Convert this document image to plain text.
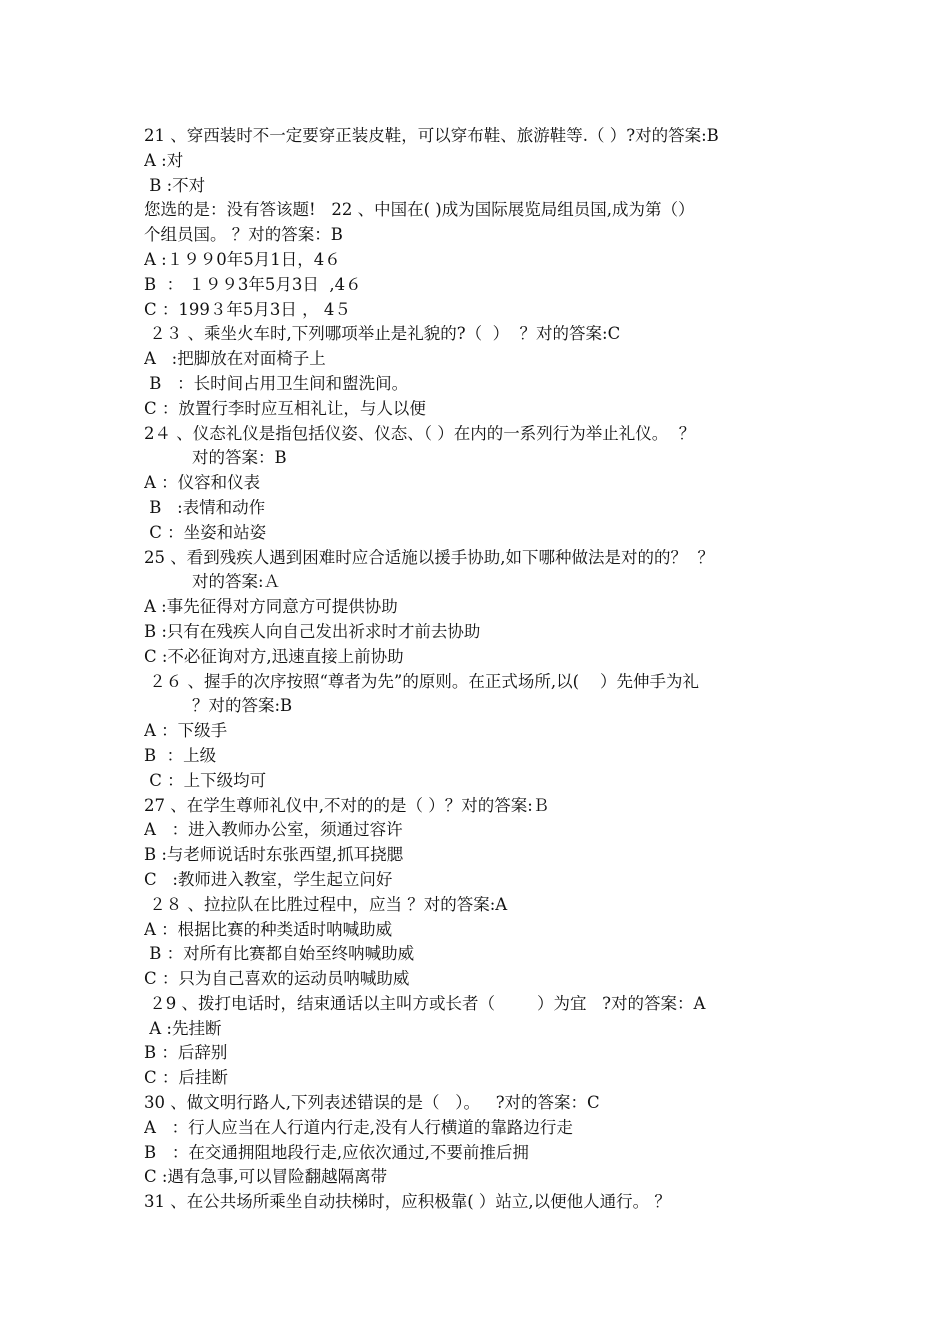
21 、穿西装时不一定要穿正装皮鞋，可以穿布鞋、旅游鞋等.（ ）?对的答案:B

A :对

B :不对

您选的是：没有答该题!   22 、中国在( )成为国际展览局组员国,成为第（）

个组员国。 ？对的答案：B

A :１９９0年5月1日，4６

B  ： １９９3年5月3日  ,4６

C ：199３年5月3日 ， 4５

２３ 、乘坐火车时,下列哪项举止是礼貌的?（  ）  ？对的答案:C

A   :把脚放在对面椅子上

B   ：长时间占用卫生间和盥洗间。

C ：放置行李时应互相礼让，与人以便

2４ 、仪态礼仪是指包括仪姿、仪态、（ ）在内的一系列行为举止礼仪。  ？

对的答案：B

A ：仪容和仪表

B   :表情和动作

C ：坐姿和站姿

25 、看到残疾人遇到困难时应合适施以援手协助,如下哪种做法是对的的？  ？

对的答案:Ａ

A :事先征得对方同意方可提供协助

B :只有在残疾人向自己发出祈求时才前去协助

C :不必征询对方,迅速直接上前协助

２６ 、握手的次序按照“尊者为先”的原则。在正式场所,以(    ）先伸手为礼

？对的答案:B

A ：下级手

B  ：上级

C ：上下级均可

27 、在学生尊师礼仪中,不对的的是（ ）？对的答案:Ｂ

A   ：进入教师办公室，须通过容许

B :与老师说话时东张西望,抓耳挠腮

C   :教师进入教室，学生起立问好

２８ 、拉拉队在比胜过程中，应当 ？对的答案:A

A ：根据比赛的种类适时呐喊助威

B ：对所有比赛都自始至终呐喊助威

C ：只为自己喜欢的运动员呐喊助威

２9 、拨打电话时，结束通话以主叫方或长者（        ）为宜   ?对的答案：A

A :先挂断

B ：后辞别

C ：后挂断

30 、做文明行路人,下列表述错误的是（   ）。   ?对的答案：C

A   ：行人应当在人行道内行走,没有人行横道的靠路边行走

B   ：在交通拥阻地段行走,应依次通过,不要前推后拥

C :遇有急事,可以冒险翻越隔离带

31 、在公共场所乘坐自动扶梯时，应积极靠( ）站立,以便他人通行。 ？
